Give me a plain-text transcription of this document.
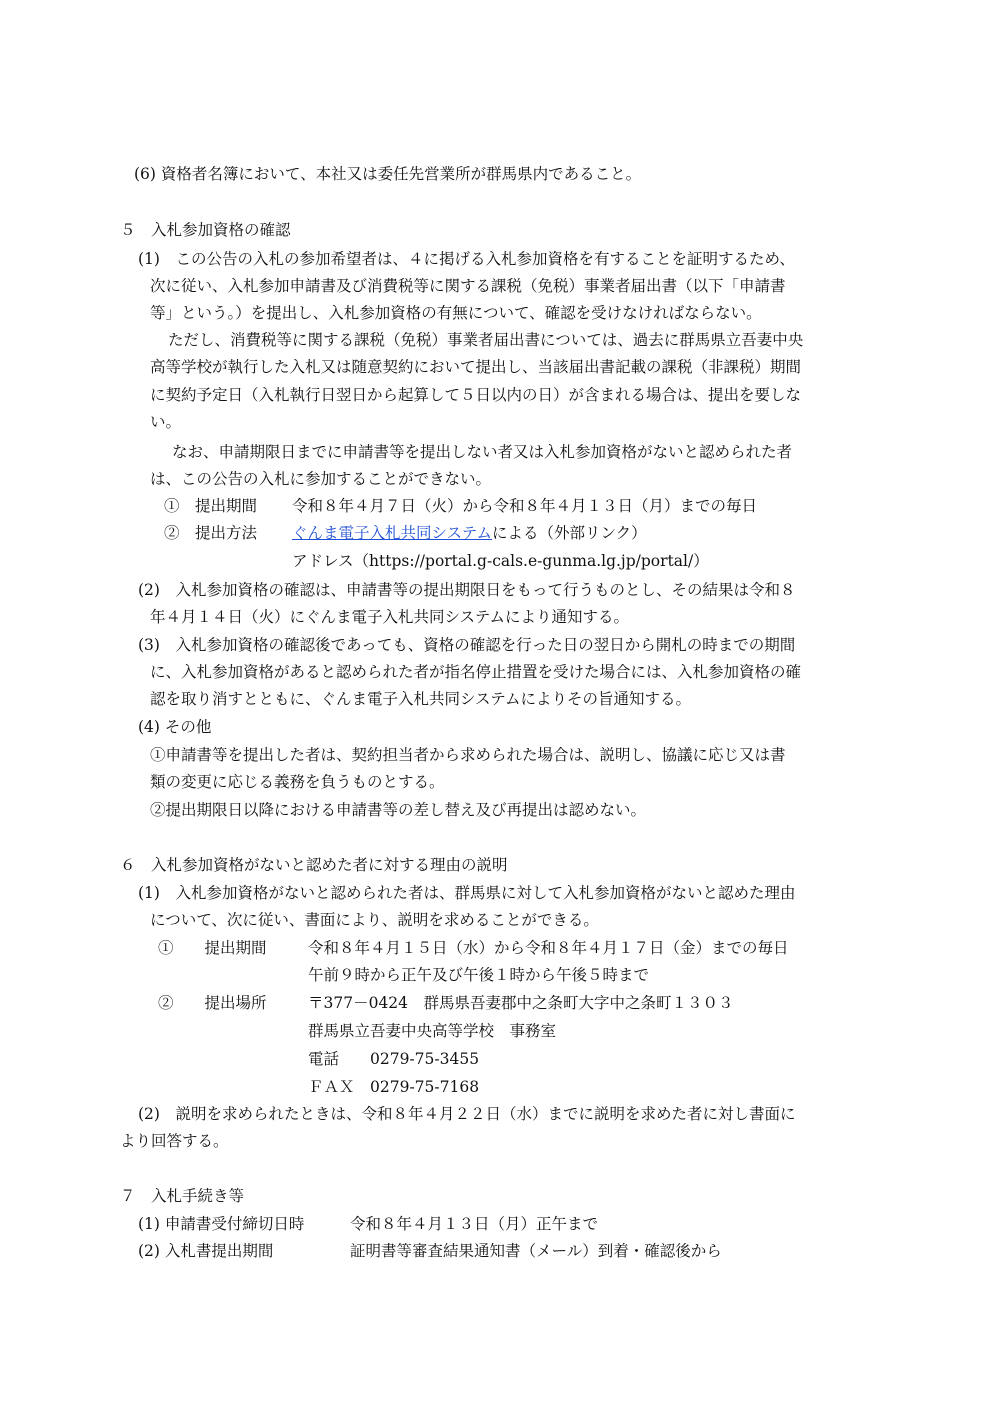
(6) 資格者名簿において、本社又は委任先営業所が群馬県内であること。
５　入札参加資格の確認
(1)　この公告の入札の参加希望者は、４に掲げる入札参加資格を有することを証明するため、
次に従い、入札参加申請書及び消費税等に関する課税（免税）事業者届出書（以下「申請書
等」という。）を提出し、入札参加資格の有無について、確認を受けなければならない。
ただし、消費税等に関する課税（免税）事業者届出書については、過去に群馬県立吾妻中央
高等学校が執行した入札又は随意契約において提出し、当該届出書記載の課税（非課税）期間
に契約予定日（入札執行日翌日から起算して５日以内の日）が含まれる場合は、提出を要しな
い。
なお、申請期限日までに申請書等を提出しない者又は入札参加資格がないと認められた者
は、この公告の入札に参加することができない。
①　提出期間 令和８年４月７日（火）から令和８年４月１３日（月）までの毎日
②　提出方法 ぐんま電子入札共同システムによる（外部リンク）
アドレス（https://portal.g-cals.e-gunma.lg.jp/portal/）
(2)　入札参加資格の確認は、申請書等の提出期限日をもって行うものとし、その結果は令和８
年４月１４日（火）にぐんま電子入札共同システムにより通知する。
(3)　入札参加資格の確認後であっても、資格の確認を行った日の翌日から開札の時までの期間
に、入札参加資格があると認められた者が指名停止措置を受けた場合には、入札参加資格の確
認を取り消すとともに、ぐんま電子入札共同システムによりその旨通知する。
(4) その他
①申請書等を提出した者は、契約担当者から求められた場合は、説明し、協議に応じ又は書
類の変更に応じる義務を負うものとする。
②提出期限日以降における申請書等の差し替え及び再提出は認めない。
６　入札参加資格がないと認めた者に対する理由の説明
(1)　入札参加資格がないと認められた者は、群馬県に対して入札参加資格がないと認めた理由
について、次に従い、書面により、説明を求めることができる。
①　　提出期間	令和８年４月１５日（水）から令和８年４月１７日（金）までの毎日
午前９時から正午及び午後１時から午後５時まで
②　　提出場所	〒377－0424　群馬県吾妻郡中之条町大字中之条町１３０３
群馬県立吾妻中央高等学校　事務室
電話　　0279-75-3455
ＦＡＸ　0279-75-7168
(2)　説明を求められたときは、令和８年４月２２日（水）までに説明を求めた者に対し書面に
より回答する。
７　入札手続き等
(1) 申請書受付締切日時	令和８年４月１３日（月）正午まで
(2) 入札書提出期間	証明書等審査結果通知書（メール）到着・確認後から
